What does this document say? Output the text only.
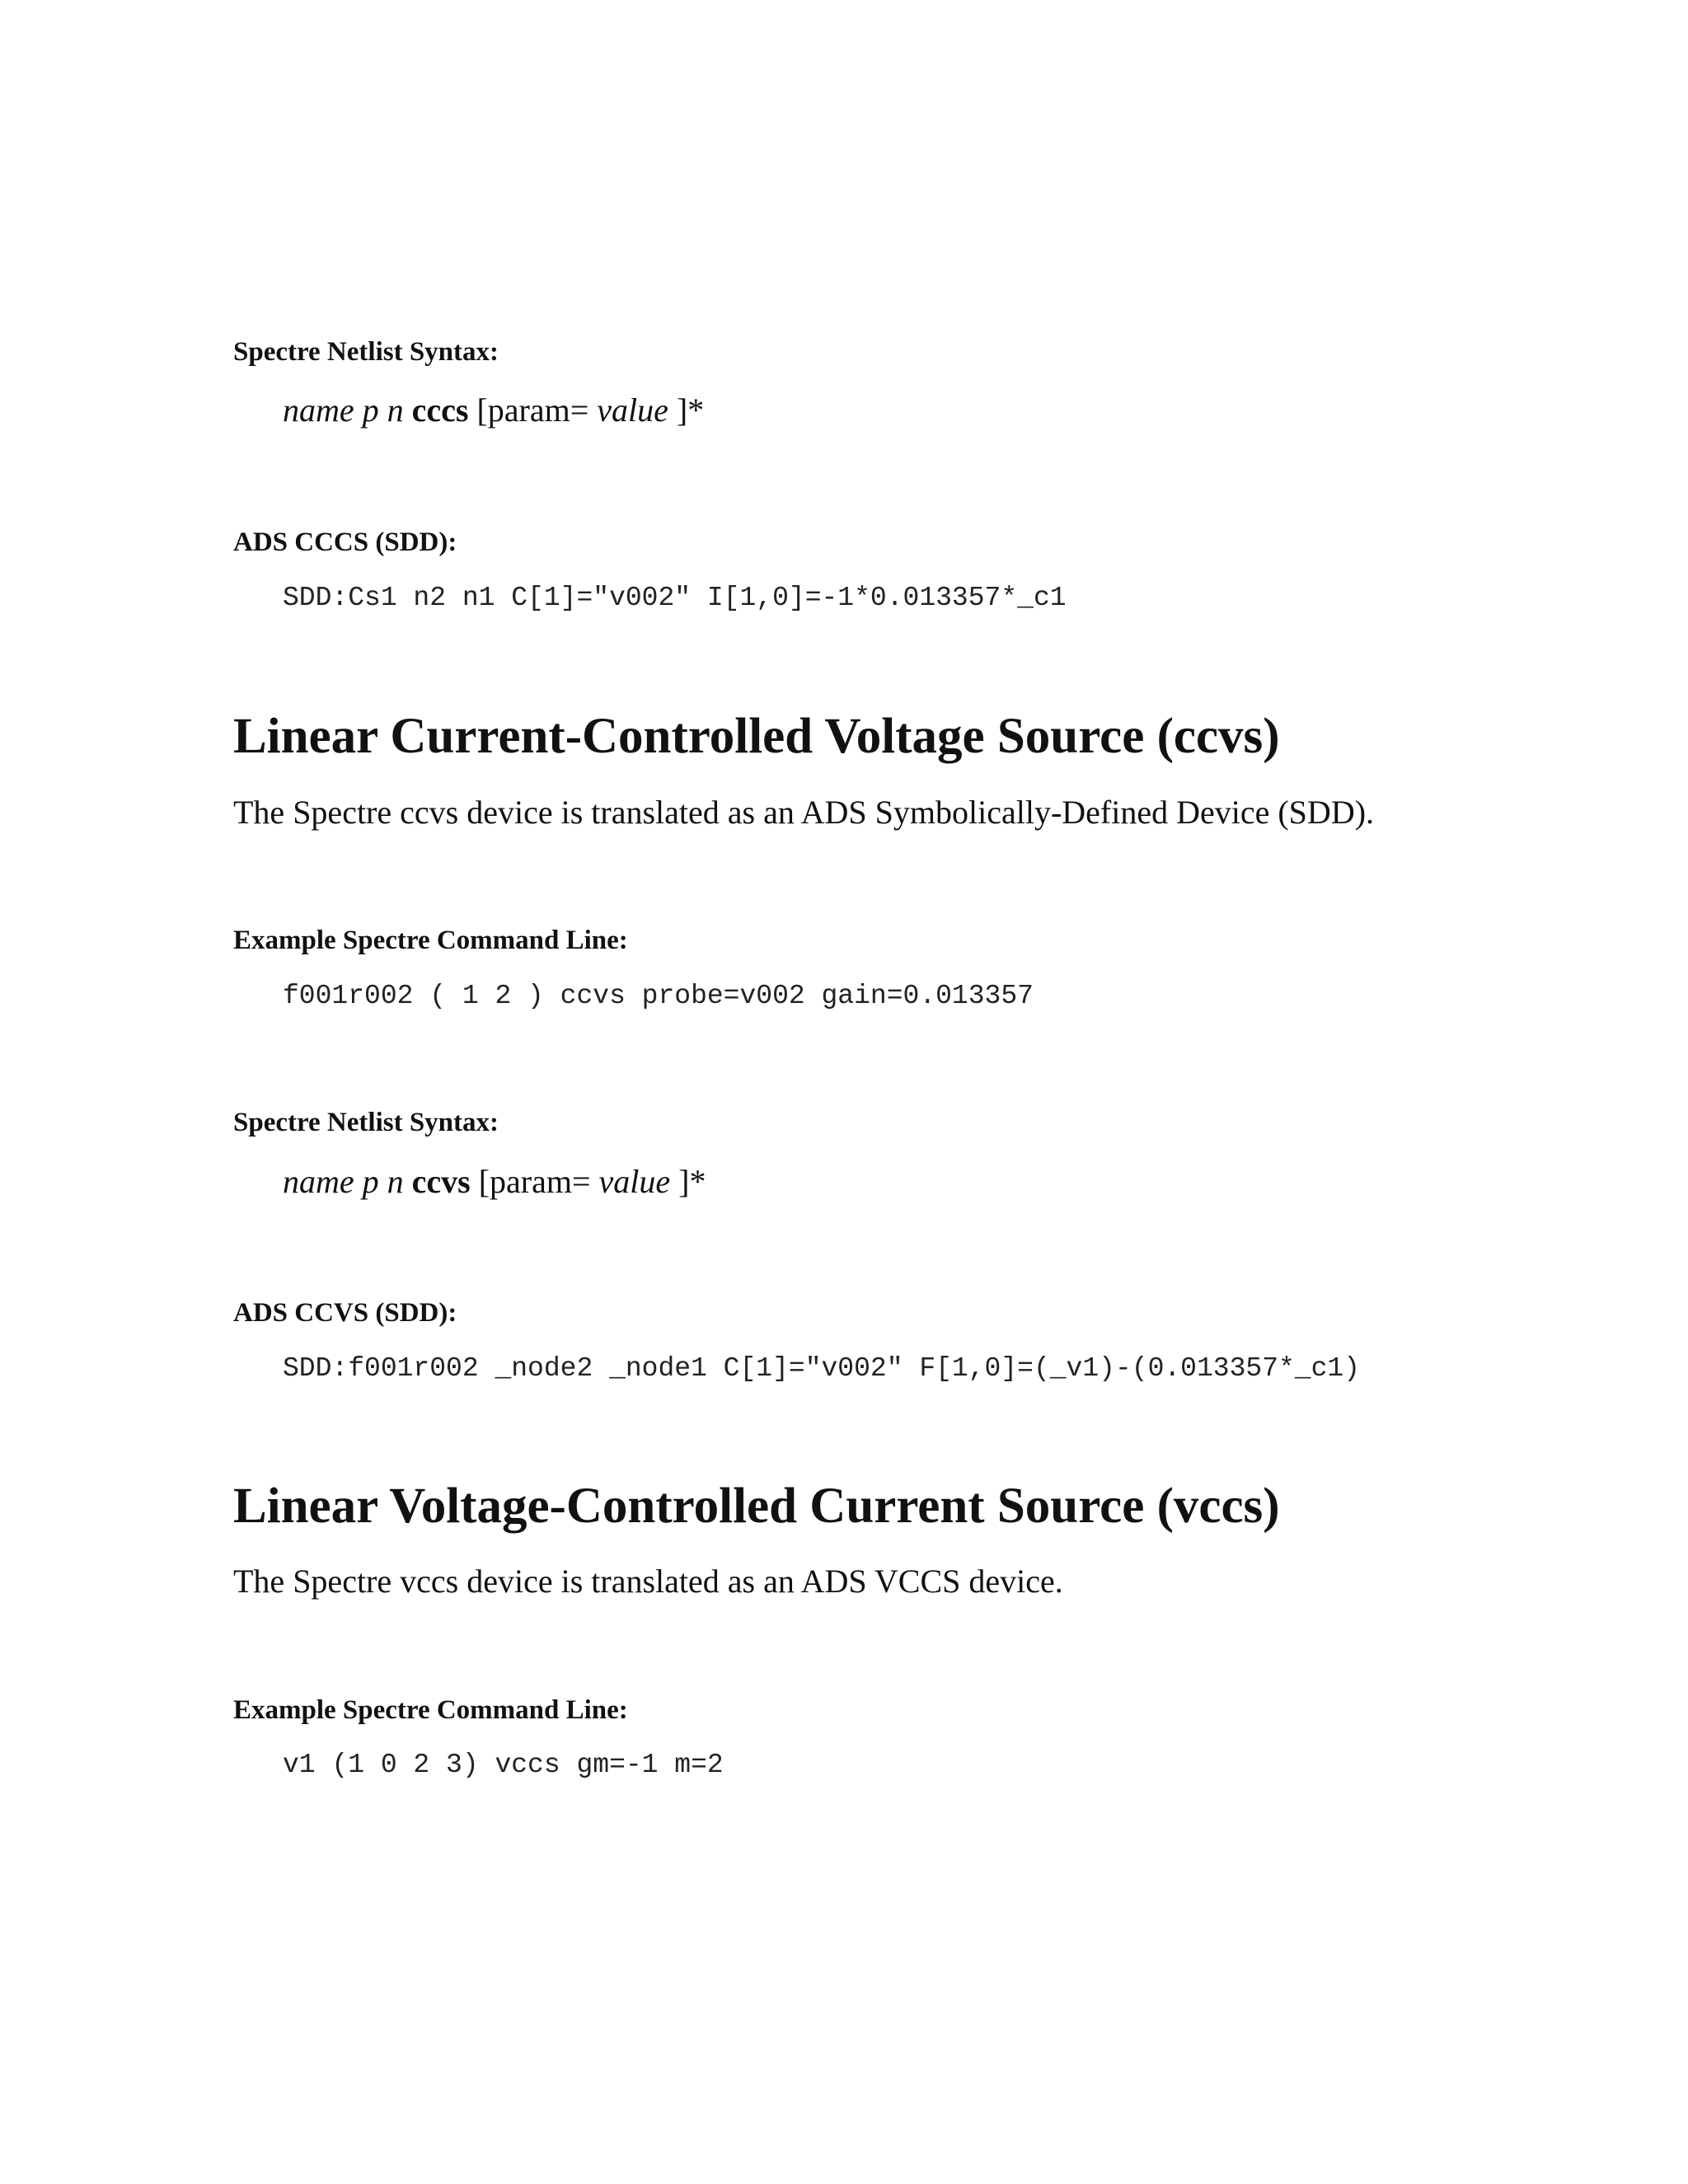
Spectre Netlist Syntax:
name p n cccs [param= value ]*
ADS CCCS (SDD):
SDD:Cs1 n2 n1 C[1]="v002" I[1,0]=-1*0.013357*_c1
Linear Current-Controlled Voltage Source (ccvs)

The Spectre ccvs device is translated as an ADS Symbolically-Defined Device (SDD).

Example Spectre Command Line:
f001r002 ( 1 2 ) ccvs probe=v002 gain=0.013357
Spectre Netlist Syntax:
name p n ccvs [param= value ]*
ADS CCVS (SDD):
SDD:f001r002 _node2 _node1 C[1]="v002" F[1,0]=(_v1)-(0.013357*_c1)
Linear Voltage-Controlled Current Source (vccs)

The Spectre vccs device is translated as an ADS VCCS device.

Example Spectre Command Line:
v1 (1 0 2 3) vccs gm=-1 m=2
